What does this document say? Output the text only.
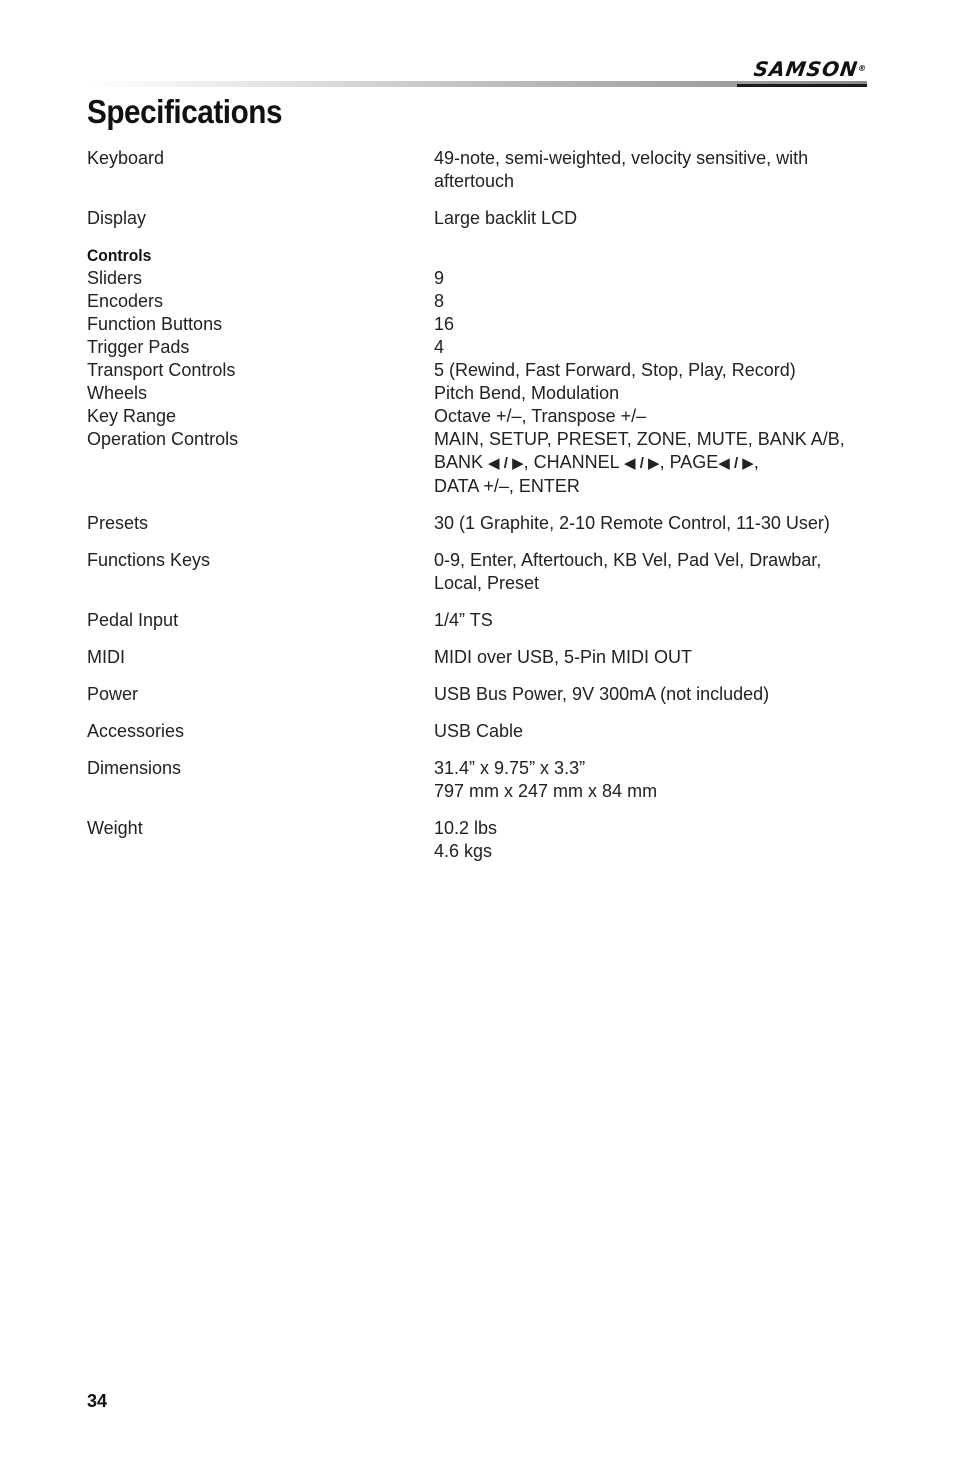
SAMSON®
Specifications
Keyboard	49-note, semi-weighted, velocity sensitive, with
aftertouch
Display	Large backlit LCD
Controls
Sliders	9
Encoders	8
Function Buttons	16
Trigger Pads	4
Transport Controls	5 (Rewind, Fast Forward, Stop, Play, Record)
Wheels	Pitch Bend, Modulation
Key Range	Octave +/–, Transpose +/–
Operation Controls	MAIN, SETUP, PRESET, ZONE, MUTE, BANK A/B,
BANK ◀ / ▶, CHANNEL ◀ / ▶, PAGE◀ / ▶,
DATA +/–, ENTER
Presets	30 (1 Graphite, 2-10 Remote Control, 11-30 User)
Functions Keys	0-9, Enter, Aftertouch, KB Vel, Pad Vel, Drawbar,
Local, Preset
Pedal Input	1/4” TS
MIDI	MIDI over USB, 5-Pin MIDI OUT
Power	USB Bus Power, 9V 300mA (not included)
Accessories	USB Cable
Dimensions	31.4” x 9.75” x 3.3”
797 mm x 247 mm x 84 mm
Weight	10.2 lbs
4.6 kgs
34
